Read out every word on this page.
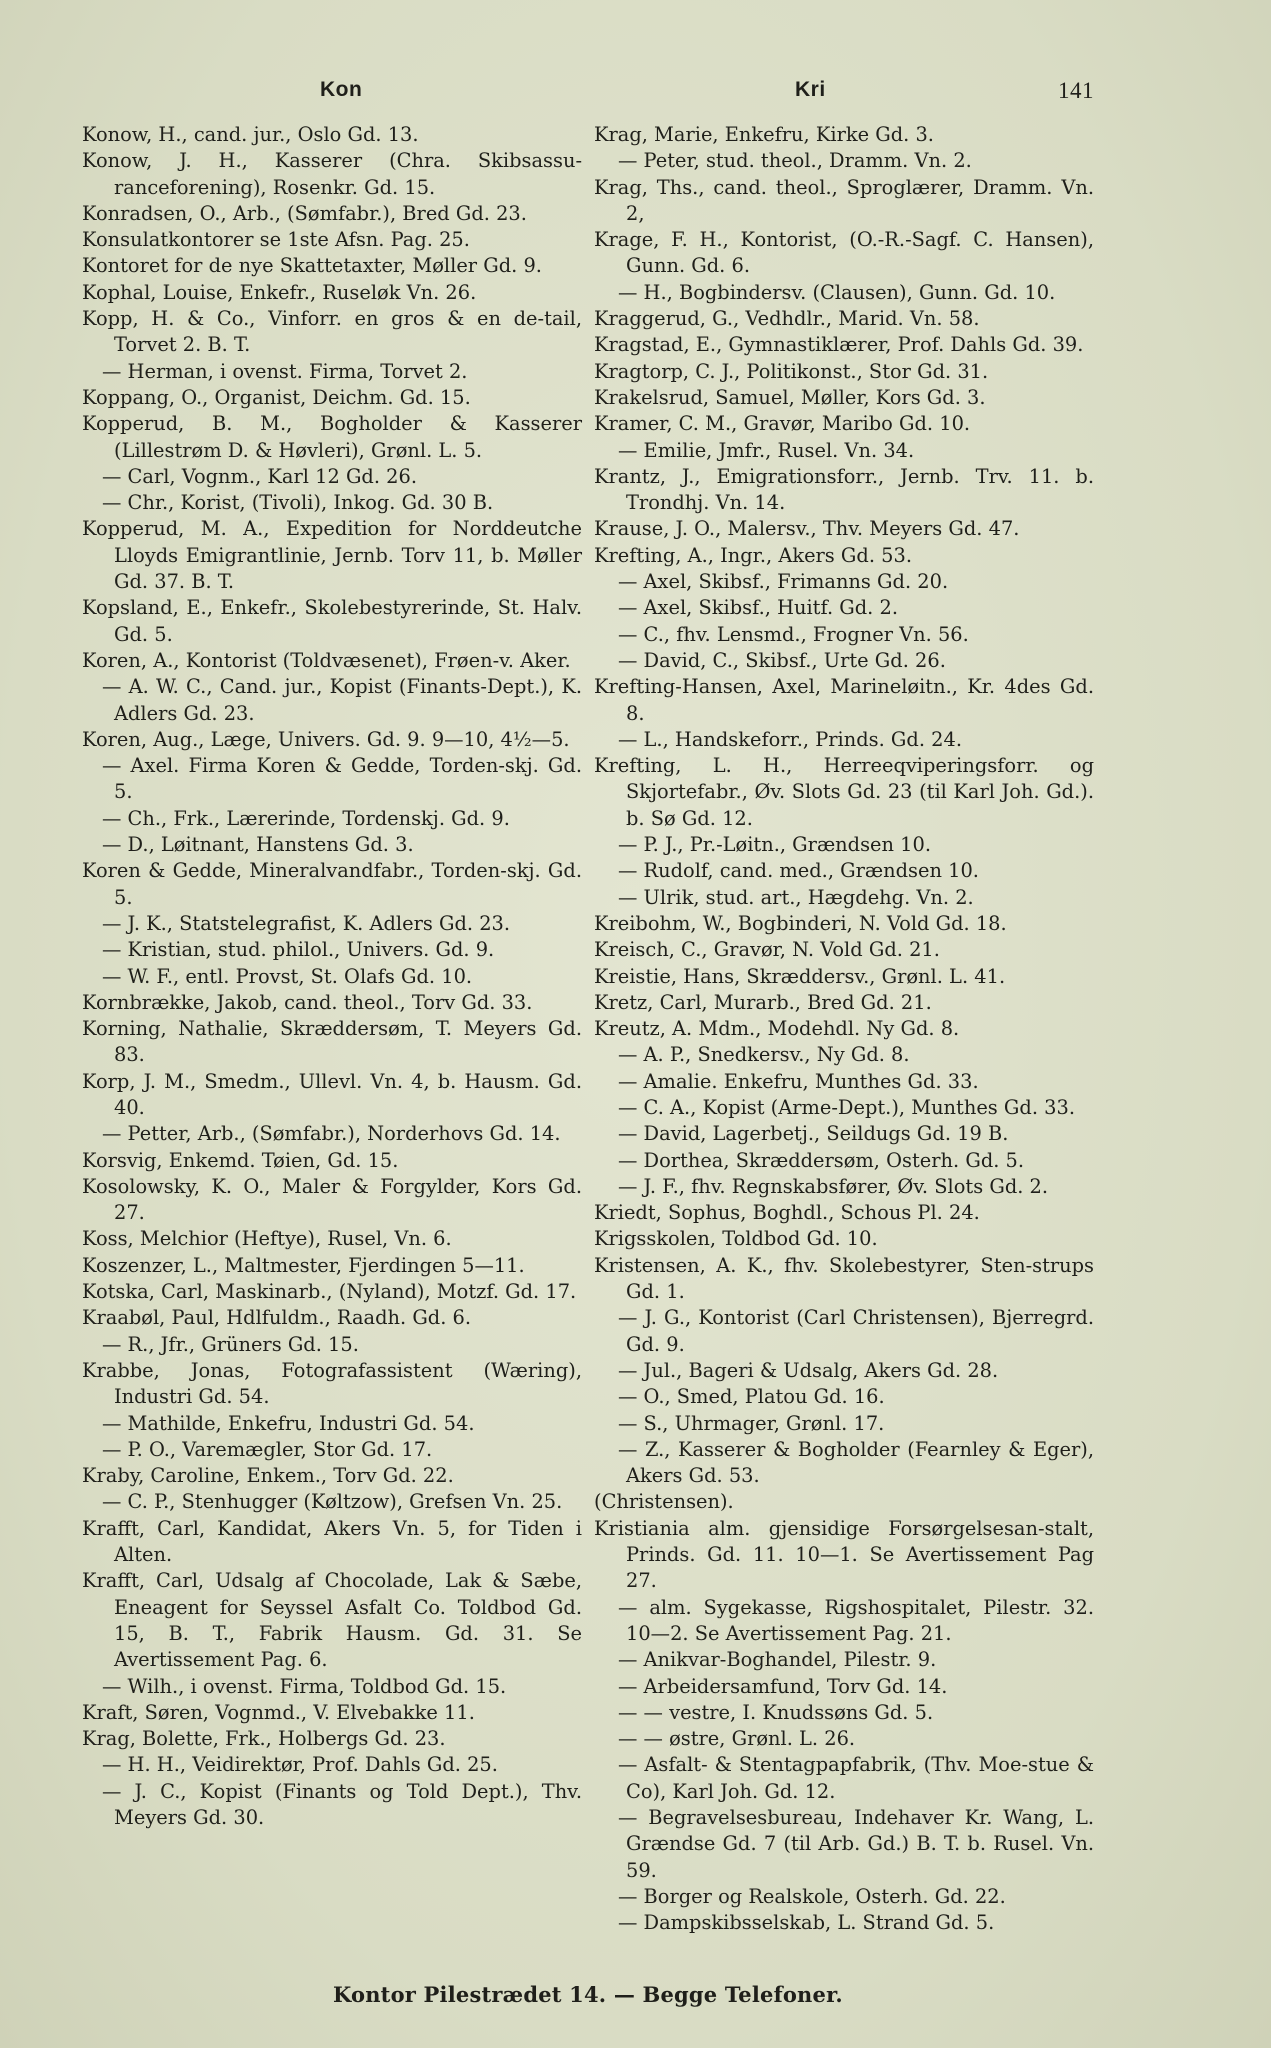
Kon	Kri	141
Konow, H., cand. jur., Oslo Gd. 13.
Konow, J. H., Kasserer (Chra. Skibsassu-ranceforening), Rosenkr. Gd. 15.
Konradsen, O., Arb., (Sømfabr.), Bred Gd. 23.
Konsulatkontorer se 1ste Afsn. Pag. 25.
Kontoret for de nye Skattetaxter, Møller Gd. 9.
Kophal, Louise, Enkefr., Ruseløk Vn. 26.
Kopp, H. & Co., Vinforr. en gros & en de-tail, Torvet 2. B. T.
— Herman, i ovenst. Firma, Torvet 2.
Koppang, O., Organist, Deichm. Gd. 15.
Kopperud, B. M., Bogholder & Kasserer (Lillestrøm D. & Høvleri), Grønl. L. 5.
— Carl, Vognm., Karl 12 Gd. 26.
— Chr., Korist, (Tivoli), Inkog. Gd. 30 B.
Kopperud, M. A., Expedition for Norddeutche Lloyds Emigrantlinie, Jernb. Torv 11, b. Møller Gd. 37. B. T.
Kopsland, E., Enkefr., Skolebestyrerinde, St. Halv. Gd. 5.
Koren, A., Kontorist (Toldvæsenet), Frøen-v. Aker.
— A. W. C., Cand. jur., Kopist (Finants-Dept.), K. Adlers Gd. 23.
Koren, Aug., Læge, Univers. Gd. 9. 9—10, 4½—5.
— Axel. Firma Koren & Gedde, Torden-skj. Gd. 5.
— Ch., Frk., Lærerinde, Tordenskj. Gd. 9.
— D., Løitnant, Hanstens Gd. 3.
Koren & Gedde, Mineralvandfabr., Torden-skj. Gd. 5.
— J. K., Statstelegrafist, K. Adlers Gd. 23.
— Kristian, stud. philol., Univers. Gd. 9.
— W. F., entl. Provst, St. Olafs Gd. 10.
Kornbrække, Jakob, cand. theol., Torv Gd. 33.
Korning, Nathalie, Skræddersøm, T. Meyers Gd. 83.
Korp, J. M., Smedm., Ullevl. Vn. 4, b. Hausm. Gd. 40.
— Petter, Arb., (Sømfabr.), Norderhovs Gd. 14.
Korsvig, Enkemd. Tøien, Gd. 15.
Kosolowsky, K. O., Maler & Forgylder, Kors Gd. 27.
Koss, Melchior (Heftye), Rusel, Vn. 6.
Koszenzer, L., Maltmester, Fjerdingen 5—11.
Kotska, Carl, Maskinarb., (Nyland), Motzf. Gd. 17.
Kraabøl, Paul, Hdlfuldm., Raadh. Gd. 6.
— R., Jfr., Grüners Gd. 15.
Krabbe, Jonas, Fotografassistent (Wæring), Industri Gd. 54.
— Mathilde, Enkefru, Industri Gd. 54.
— P. O., Varemægler, Stor Gd. 17.
Kraby, Caroline, Enkem., Torv Gd. 22.
— C. P., Stenhugger (Køltzow), Grefsen Vn. 25.
Krafft, Carl, Kandidat, Akers Vn. 5, for Tiden i Alten.
Krafft, Carl, Udsalg af Chocolade, Lak & Sæbe, Eneagent for Seyssel Asfalt Co. Toldbod Gd. 15, B. T., Fabrik Hausm. Gd. 31. Se Avertissement Pag. 6.
— Wilh., i ovenst. Firma, Toldbod Gd. 15.
Kraft, Søren, Vognmd., V. Elvebakke 11.
Krag, Bolette, Frk., Holbergs Gd. 23.
— H. H., Veidirektør, Prof. Dahls Gd. 25.
— J. C., Kopist (Finants og Told Dept.), Thv. Meyers Gd. 30.
Krag, Marie, Enkefru, Kirke Gd. 3.
— Peter, stud. theol., Dramm. Vn. 2.
Krag, Ths., cand. theol., Sproglærer, Dramm. Vn. 2,
Krage, F. H., Kontorist, (O.-R.-Sagf. C. Hansen), Gunn. Gd. 6.
— H., Bogbindersv. (Clausen), Gunn. Gd. 10.
Kraggerud, G., Vedhdlr., Marid. Vn. 58.
Kragstad, E., Gymnastiklærer, Prof. Dahls Gd. 39.
Kragtorp, C. J., Politikonst., Stor Gd. 31.
Krakelsrud, Samuel, Møller, Kors Gd. 3.
Kramer, C. M., Gravør, Maribo Gd. 10.
— Emilie, Jmfr., Rusel. Vn. 34.
Krantz, J., Emigrationsforr., Jernb. Trv. 11. b. Trondhj. Vn. 14.
Krause, J. O., Malersv., Thv. Meyers Gd. 47.
Krefting, A., Ingr., Akers Gd. 53.
— Axel, Skibsf., Frimanns Gd. 20.
— Axel, Skibsf., Huitf. Gd. 2.
— C., fhv. Lensmd., Frogner Vn. 56.
— David, C., Skibsf., Urte Gd. 26.
Krefting-Hansen, Axel, Marineløitn., Kr. 4des Gd. 8.
— L., Handskeforr., Prinds. Gd. 24.
Krefting, L. H., Herreeqviperingsforr. og Skjortefabr., Øv. Slots Gd. 23 (til Karl Joh. Gd.). b. Sø Gd. 12.
— P. J., Pr.-Løitn., Grændsen 10.
— Rudolf, cand. med., Grændsen 10.
— Ulrik, stud. art., Hægdehg. Vn. 2.
Kreibohm, W., Bogbinderi, N. Vold Gd. 18.
Kreisch, C., Gravør, N. Vold Gd. 21.
Kreistie, Hans, Skræddersv., Grønl. L. 41.
Kretz, Carl, Murarb., Bred Gd. 21.
Kreutz, A. Mdm., Modehdl. Ny Gd. 8.
— A. P., Snedkersv., Ny Gd. 8.
— Amalie. Enkefru, Munthes Gd. 33.
— C. A., Kopist (Arme-Dept.), Munthes Gd. 33.
— David, Lagerbetj., Seildugs Gd. 19 B.
— Dorthea, Skræddersøm, Osterh. Gd. 5.
— J. F., fhv. Regnskabsfører, Øv. Slots Gd. 2.
Kriedt, Sophus, Boghdl., Schous Pl. 24.
Krigsskolen, Toldbod Gd. 10.
Kristensen, A. K., fhv. Skolebestyrer, Sten-strups Gd. 1.
— J. G., Kontorist (Carl Christensen), Bjerregrd. Gd. 9.
— Jul., Bageri & Udsalg, Akers Gd. 28.
— O., Smed, Platou Gd. 16.
— S., Uhrmager, Grønl. 17.
— Z., Kasserer & Bogholder (Fearnley & Eger), Akers Gd. 53.
(Christensen).
Kristiania alm. gjensidige Forsørgelsesan-stalt, Prinds. Gd. 11. 10—1. Se Avertissement Pag 27.
— alm. Sygekasse, Rigshospitalet, Pilestr. 32. 10—2. Se Avertissement Pag. 21.
— Anikvar-Boghandel, Pilestr. 9.
— Arbeidersamfund, Torv Gd. 14.
— — vestre, I. Knudssøns Gd. 5.
— — østre, Grønl. L. 26.
— Asfalt- & Stentagpapfabrik, (Thv. Moe-stue & Co), Karl Joh. Gd. 12.
— Begravelsesbureau, Indehaver Kr. Wang, L. Grændse Gd. 7 (til Arb. Gd.) B. T. b. Rusel. Vn. 59.
— Borger og Realskole, Osterh. Gd. 22.
— Dampskibsselskab, L. Strand Gd. 5.
Kontor Pilestrædet 14. — Begge Telefoner.
